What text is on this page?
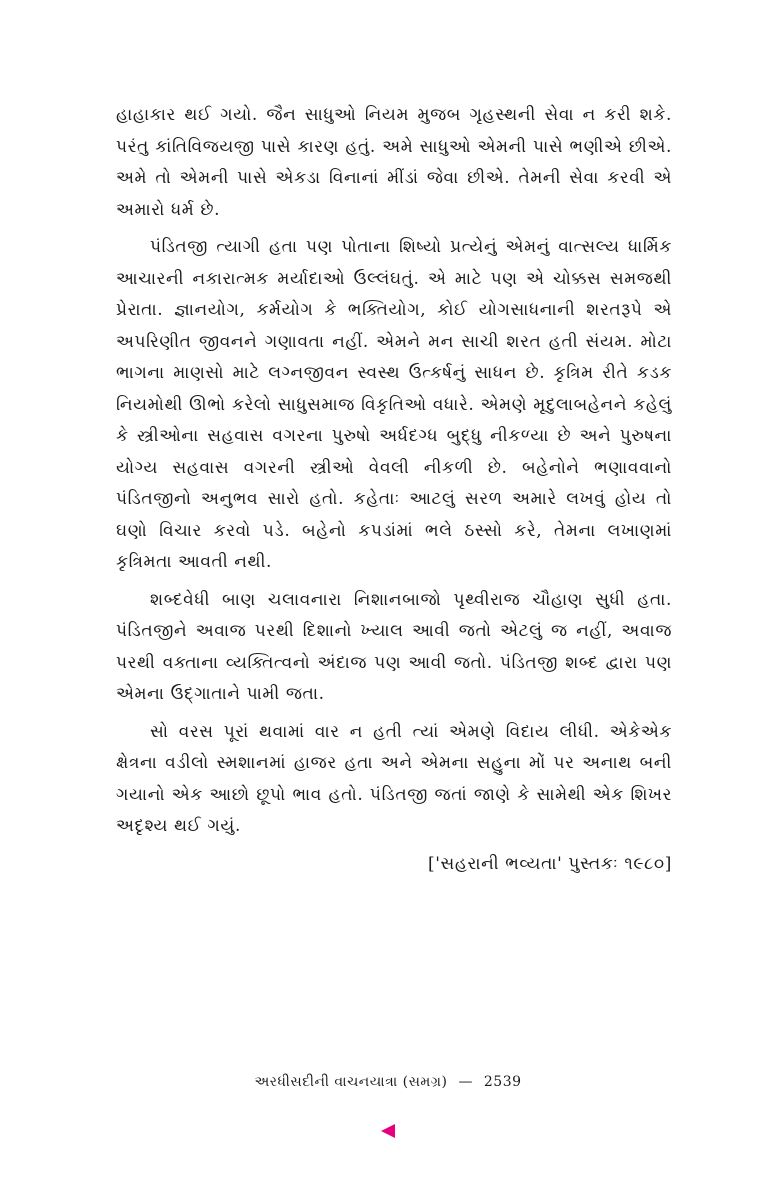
હાહાકાર થઈ ગયો. જૈન સાધુઓ નિયમ મુજબ ગૃહસ્થની સેવા ન કરી શકે. પરંતુ કાંતિવિજયજી પાસે કારણ હતું. અમે સાધુઓ એમની પાસે ભણીએ છીએ. અમે તો એમની પાસે એકડા વિનાનાં મીંડાં જેવા છીએ. તેમની સેવા કરવી એ અમારો ધર્મ છે.

પંડિતજી ત્યાગી હતા પણ પોતાના શિષ્યો પ્રત્યેનું એમનું વાત્સલ્ય ધાર્મિક આચારની નકારાત્મક મર્યાદાઓ ઉલ્લંઘતું. એ માટે પણ એ ચોક્કસ સમજથી પ્રેરાતા. જ્ઞાનયોગ, કર્મયોગ કે ભક્તિયોગ, કોઈ યોગસાધનાની શરતરૂપે એ અપરિણીત જીવનને ગણાવતા નહીં. એમને મન સાચી શરત હતી સંયમ. મોટા ભાગના માણસો માટે લગ્નજીવન સ્વસ્થ ઉત્કર્ષનું સાધન છે. કૃત્રિમ રીતે કડક નિયમોથી ઊભો કરેલો સાધુસમાજ વિકૃતિઓ વધારે. એમણે મૃદુલાબહેનને કહેલું કે સ્ત્રીઓના સહવાસ વગરના પુરુષો અર્ધદગ્ધ બુદ્ધુ નીકળ્યા છે અને પુરુષના યોગ્ય સહવાસ વગરની સ્ત્રીઓ વેવલી નીકળી છે. બહેનોને ભણાવવાનો પંડિતજીનો અનુભવ સારો હતો. કહેતાઃ આટલું સરળ અમારે લખવું હોય તો ઘણો વિચાર કરવો પડે. બહેનો કપડાંમાં ભલે ઠસ્સો કરે, તેમના લખાણમાં કૃત્રિમતા આવતી નથી.

શબ્દવેધી બાણ ચલાવનારા નિશાનબાજો પૃથ્વીરાજ ચૌહાણ સુધી હતા. પંડિતજીને અવાજ પરથી દિશાનો ખ્યાલ આવી જતો એટલું જ નહીં, અવાજ પરથી વક્તાના વ્યક્તિત્વનો અંદાજ પણ આવી જતો. પંડિતજી શબ્દ દ્વારા પણ એમના ઉદ્ગાતાને પામી જતા.

સો વરસ પૂરાં થવામાં વાર ન હતી ત્યાં એમણે વિદાય લીધી. એકેએક ક્ષેત્રના વડીલો સ્મશાનમાં હાજર હતા અને એમના સહુના મોં પર અનાથ બની ગયાનો એક આછો છૂપો ભાવ હતો. પંડિતજી જતાં જાણે કે સામેથી એક શિખર અદૃશ્ય થઈ ગયું.

['સહરાની ભવ્યતા' પુસ્તકઃ ૧૯૮૦]

અરધીસદીની વાચનયાત્રા (સમગ્ર) — 2539
